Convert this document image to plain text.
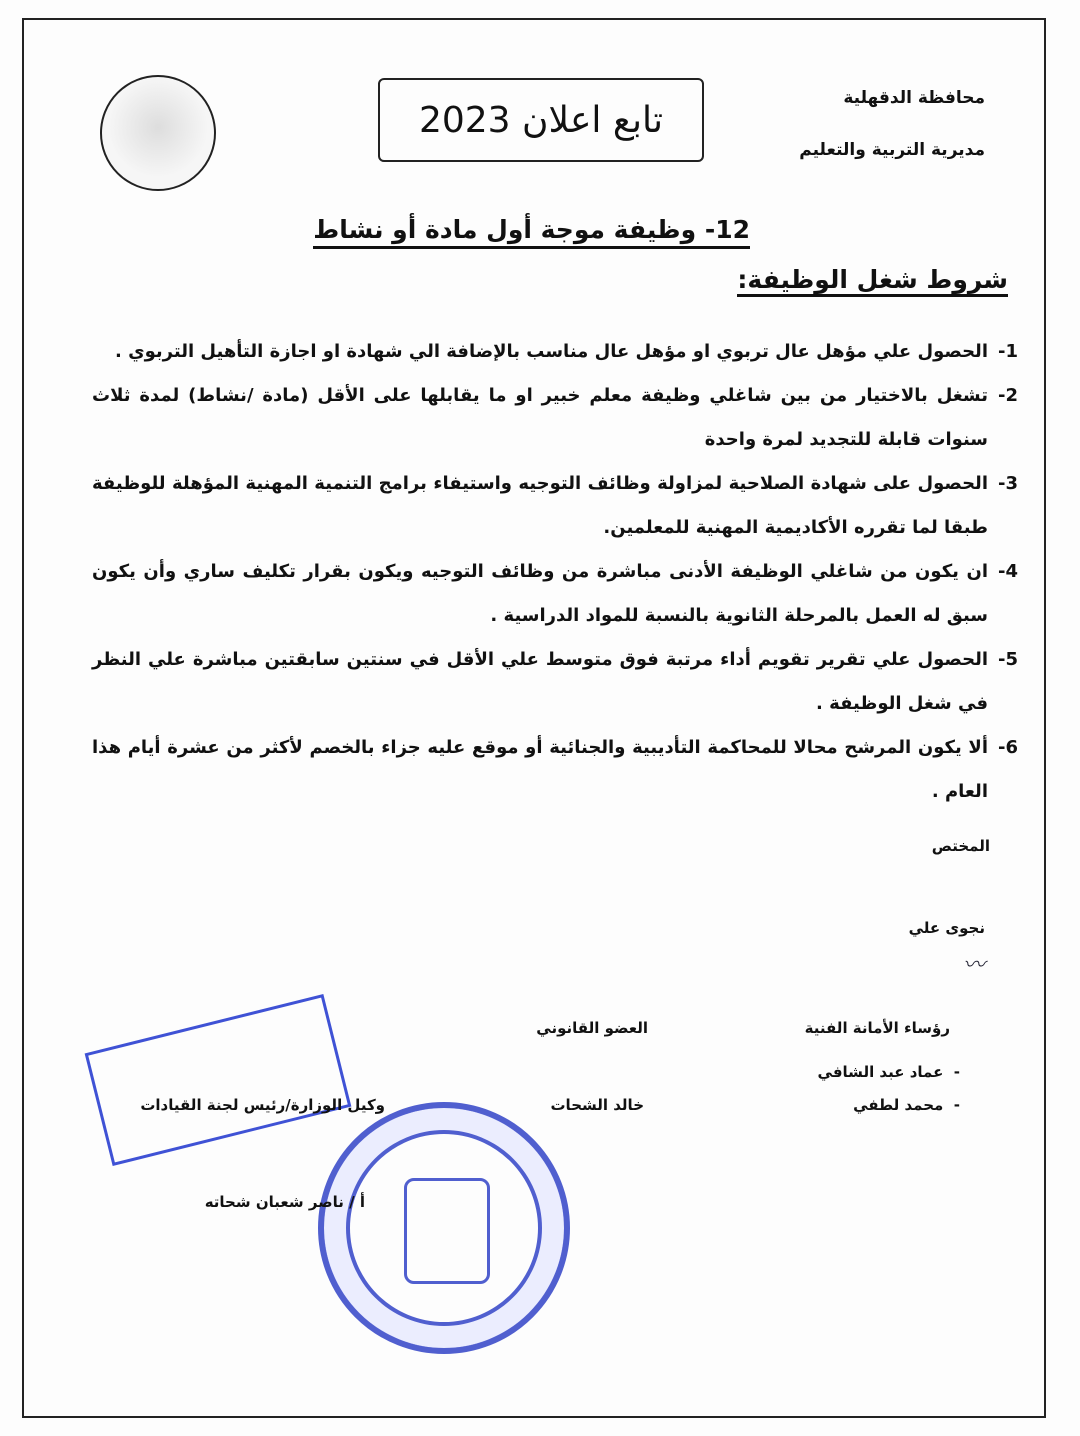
محافظة الدقهلية
مديرية التربية والتعليم
تابع اعلان 2023
12- وظيفة موجة أول مادة أو نشاط
شروط شغل الوظيفة:
1-
الحصول علي مؤهل عال تربوي او مؤهل عال مناسب بالإضافة الي شهادة او اجازة التأهيل التربوي .
2-
تشغل بالاختيار من بين شاغلي وظيفة معلم خبير او ما يقابلها على الأقل (مادة /نشاط) لمدة ثلاث سنوات قابلة للتجديد لمرة واحدة
3-
الحصول على شهادة الصلاحية لمزاولة وظائف التوجيه واستيفاء برامج التنمية المهنية المؤهلة للوظيفة طبقا لما تقرره الأكاديمية المهنية للمعلمين.
4-
ان يكون من شاغلي الوظيفة الأدنى مباشرة من وظائف التوجيه ويكون بقرار تكليف ساري وأن يكون سبق له العمل بالمرحلة الثانوية بالنسبة للمواد الدراسية .
5-
الحصول علي تقرير تقويم أداء مرتبة فوق متوسط علي الأقل في سنتين سابقتين مباشرة علي النظر في شغل الوظيفة .
6-
ألا يكون المرشح محالا للمحاكمة التأديبية والجنائية أو موقع عليه جزاء بالخصم لأكثر من عشرة أيام هذا العام .
المختص
نجوى علي
〰
رؤساء الأمانة الفنية
-  عماد عبد الشافي
-  محمد لطفي
العضو القانوني
خالد الشحات
وكيل الوزارة/رئيس لجنة القيادات
أ / ناصر شعبان شحاته
